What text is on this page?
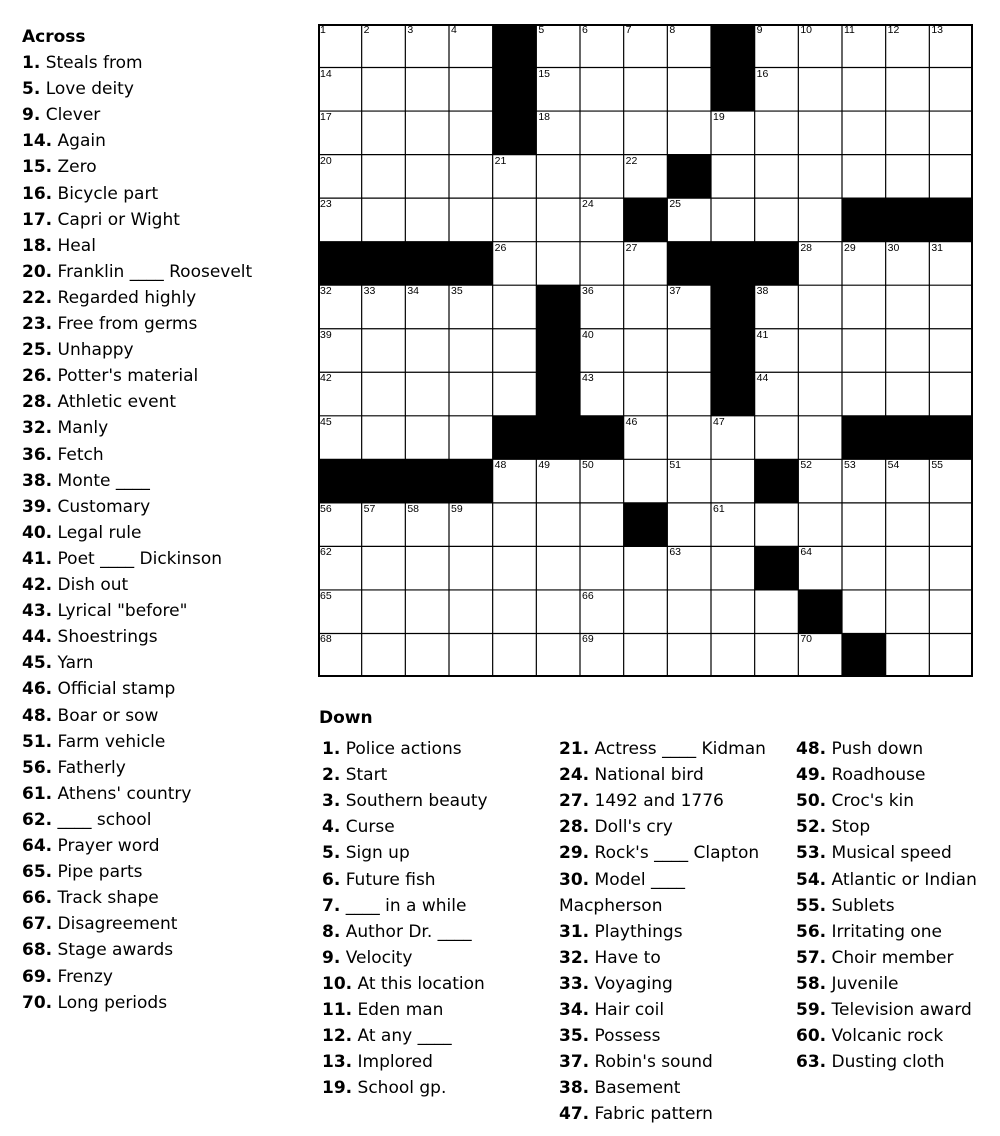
Across
1. Steals from
5. Love deity
9. Clever
14. Again
15. Zero
16. Bicycle part
17. Capri or Wight
18. Heal
20. Franklin ____ Roosevelt
22. Regarded highly
23. Free from germs
25. Unhappy
26. Potter's material
28. Athletic event
32. Manly
36. Fetch
38. Monte ____
39. Customary
40. Legal rule
41. Poet ____ Dickinson
42. Dish out
43. Lyrical "before"
44. Shoestrings
45. Yarn
46. Official stamp
48. Boar or sow
51. Farm vehicle
56. Fatherly
61. Athens' country
62. ____ school
64. Prayer word
65. Pipe parts
66. Track shape
67. Disagreement
68. Stage awards
69. Frenzy
70. Long periods
1	2	3	4	5	6	7	8	9	10	11	12	13
14	15	16
17	18	19
20	21	22
23	24	25
26	27	28	29	30	31
32	33	34	35	36	37	38
39	40	41
42	43	44
45	46	47
48	49	50	51	52	53	54	55
56	57	58	59	61
62	63	64
65	66
68	69	70
Down
1. Police actions
2. Start
3. Southern beauty
4. Curse
5. Sign up
6. Future fish
7. ____ in a while
8. Author Dr. ____
9. Velocity
10. At this location
11. Eden man
12. At any ____
13. Implored
19. School gp.
21. Actress ____ Kidman
24. National bird
27. 1492 and 1776
28. Doll's cry
29. Rock's ____ Clapton
30. Model ____
Macpherson
31. Playthings
32. Have to
33. Voyaging
34. Hair coil
35. Possess
37. Robin's sound
38. Basement
47. Fabric pattern
48. Push down
49. Roadhouse
50. Croc's kin
52. Stop
53. Musical speed
54. Atlantic or Indian
55. Sublets
56. Irritating one
57. Choir member
58. Juvenile
59. Television award
60. Volcanic rock
63. Dusting cloth
